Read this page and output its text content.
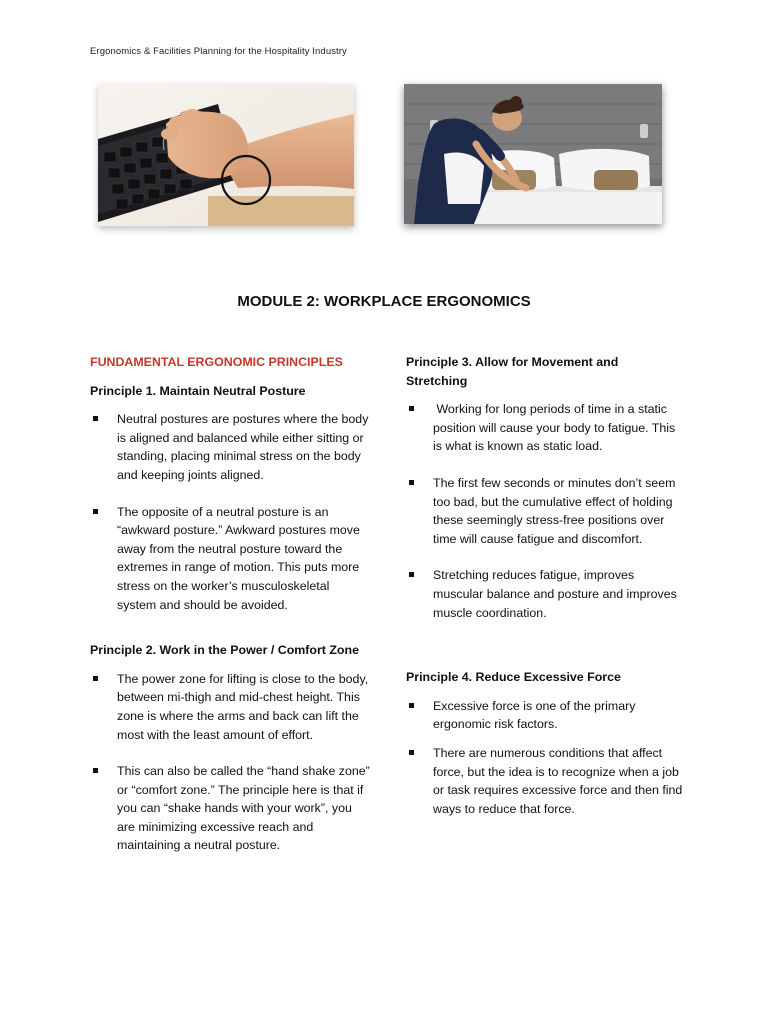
Ergonomics & Facilities Planning for the Hospitality Industry
MODULE 2: WORKPLACE ERGONOMICS
FUNDAMENTAL ERGONOMIC PRINCIPLES
Principle 1. Maintain Neutral Posture
Neutral postures are postures where the body is aligned and balanced while either sitting or standing, placing minimal stress on the body and keeping joints aligned.
The opposite of a neutral posture is an “awkward posture.” Awkward postures move away from the neutral posture toward the extremes in range of motion. This puts more stress on the worker’s musculoskeletal system and should be avoided.
Principle 2. Work in the Power / Comfort Zone
The power zone for lifting is close to the body, between mi-thigh and mid-chest height. This zone is where the arms and back can lift the most with the least amount of effort.
This can also be called the “hand shake zone” or “comfort zone.” The principle here is that if you can “shake hands with your work”, you are minimizing excessive reach and maintaining a neutral posture.
Principle 3. Allow for Movement and Stretching
Working for long periods of time in a static position will cause your body to fatigue. This is what is known as static load.
The first few seconds or minutes don’t seem too bad, but the cumulative effect of holding these seemingly stress-free positions over time will cause fatigue and discomfort.
Stretching reduces fatigue, improves muscular balance and posture and improves muscle coordination.
Principle 4. Reduce Excessive Force
Excessive force is one of the primary ergonomic risk factors.
There are numerous conditions that affect force, but the idea is to recognize when a job or task requires excessive force and then find ways to reduce that force.
